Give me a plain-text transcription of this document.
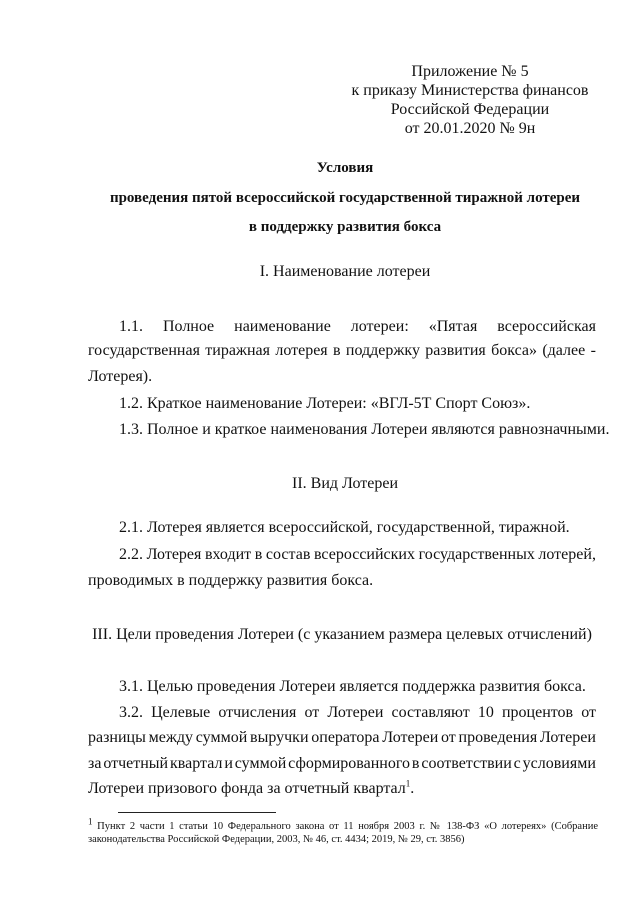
Приложение № 5
к приказу Министерства финансов
Российской Федерации
от 20.01.2020 № 9н
Условия
проведения пятой всероссийской государственной тиражной лотереи
в поддержку развития бокса
I. Наименование лотереи
1.1. Полное наименование лотереи: «Пятая всероссийская
государственная тиражная лотерея в поддержку развития бокса» (далее -
Лотерея).
1.2. Краткое наименование Лотереи: «ВГЛ-5Т Спорт Союз».
1.3. Полное и краткое наименования Лотереи являются равнозначными.
II. Вид Лотереи
2.1. Лотерея является всероссийской, государственной, тиражной.
2.2. Лотерея входит в состав всероссийских государственных лотерей,
проводимых в поддержку развития бокса.
III. Цели проведения Лотереи (с указанием размера целевых отчислений)
3.1. Целью проведения Лотереи является поддержка развития бокса.
3.2. Целевые отчисления от Лотереи составляют 10 процентов от
разницы между суммой выручки оператора Лотереи от проведения Лотереи
за отчетный квартал и суммой сформированного в соответствии с условиями
Лотереи призового фонда за отчетный квартал$^1$.
$^1$ Пункт 2 части 1 статьи 10 Федерального закона от 11 ноября 2003 г. № 138-ФЗ «О лотереях» (Собрание законодательства Российской Федерации, 2003, № 46, ст. 4434; 2019, № 29, ст. 3856)
